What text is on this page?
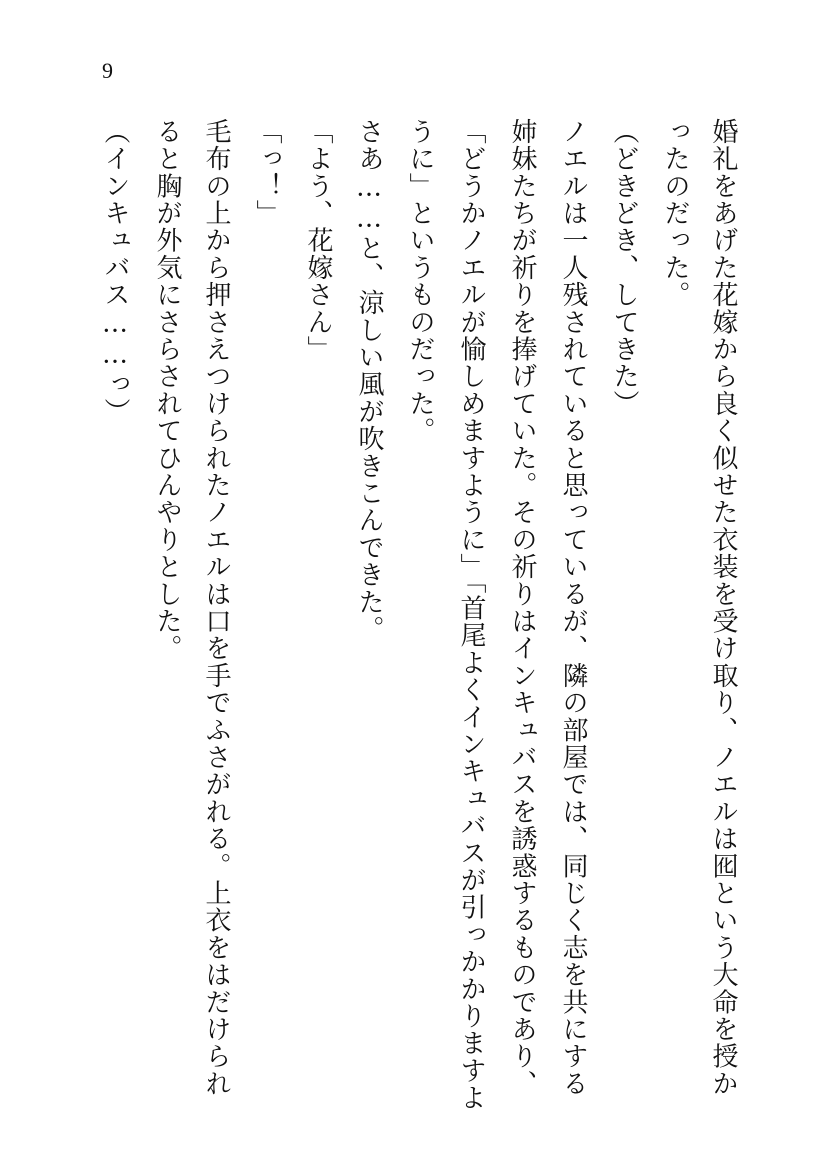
9
婚礼をあげた花嫁から良く似せた衣装を受け取り、ノエルは囮という大命を授か
ったのだった。
（どきどき、してきた）
ノエルは一人残されていると思っているが、隣の部屋では、同じく志を共にする
姉妹たちが祈りを捧げていた。その祈りはインキュバスを誘惑するものであり、
「どうかノエルが愉しめますように」「首尾よくインキュバスが引っかかりますよ
うに」というものだった。
さあ……と、涼しい風が吹きこんできた。
「よう、花嫁さん」
「っ！」
毛布の上から押さえつけられたノエルは口を手でふさがれる。上衣をはだけられ
ると胸が外気にさらされてひんやりとした。
（インキュバス……っ）
